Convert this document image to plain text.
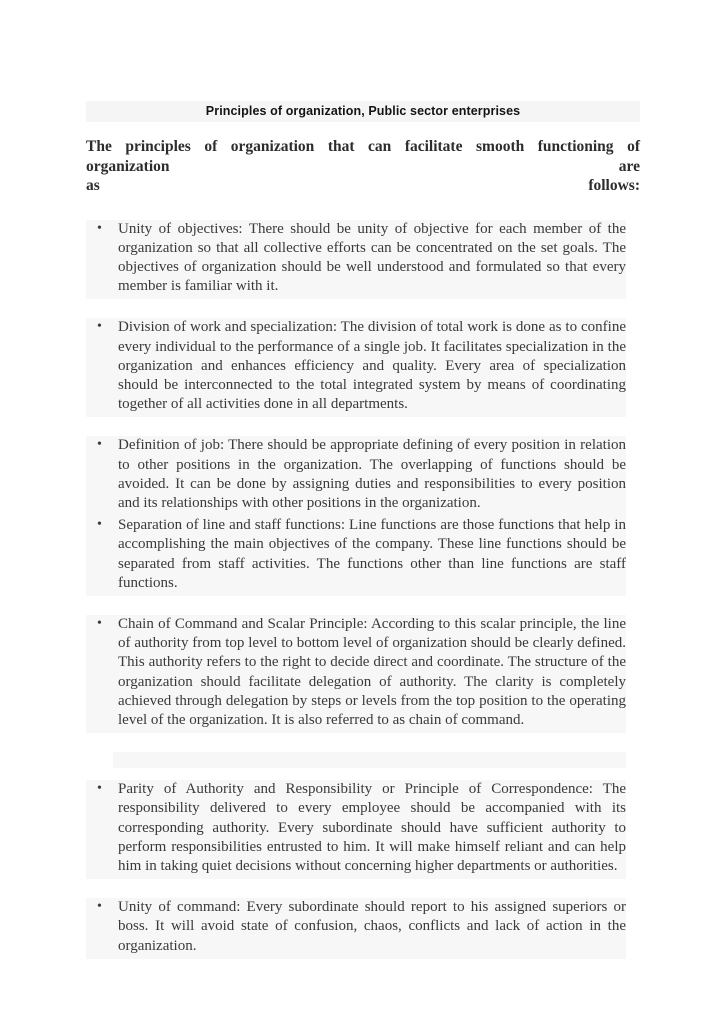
Principles of organization, Public sector enterprises
The principles of organization that can facilitate smooth functioning of organization are
as	follows:
• Unity of objectives: There should be unity of objective for each member of the organization so that all collective efforts can be concentrated on the set goals. The objectives of organization should be well understood and formulated so that every member is familiar with it.
• Division of work and specialization: The division of total work is done as to confine every individual to the performance of a single job. It facilitates specialization in the organization and enhances efficiency and quality. Every area of specialization should be interconnected to the total integrated system by means of coordinating together of all activities done in all departments.
• Definition of job: There should be appropriate defining of every position in relation to other positions in the organization. The overlapping of functions should be avoided. It can be done by assigning duties and responsibilities to every position and its relationships with other positions in the organization.
• Separation of line and staff functions: Line functions are those functions that help in accomplishing the main objectives of the company. These line functions should be separated from staff activities. The functions other than line functions are staff functions.
• Chain of Command and Scalar Principle: According to this scalar principle, the line of authority from top level to bottom level of organization should be clearly defined. This authority refers to the right to decide direct and coordinate. The structure of the organization should facilitate delegation of authority. The clarity is completely achieved through delegation by steps or levels from the top position to the operating level of the organization. It is also referred to as chain of command.
• Parity of Authority and Responsibility or Principle of Correspondence: The responsibility delivered to every employee should be accompanied with its corresponding authority. Every subordinate should have sufficient authority to perform responsibilities entrusted to him. It will make himself reliant and can help him in taking quiet decisions without concerning higher departments or authorities.
• Unity of command: Every subordinate should report to his assigned superiors or boss. It will avoid state of confusion, chaos, conflicts and lack of action in the organization.
